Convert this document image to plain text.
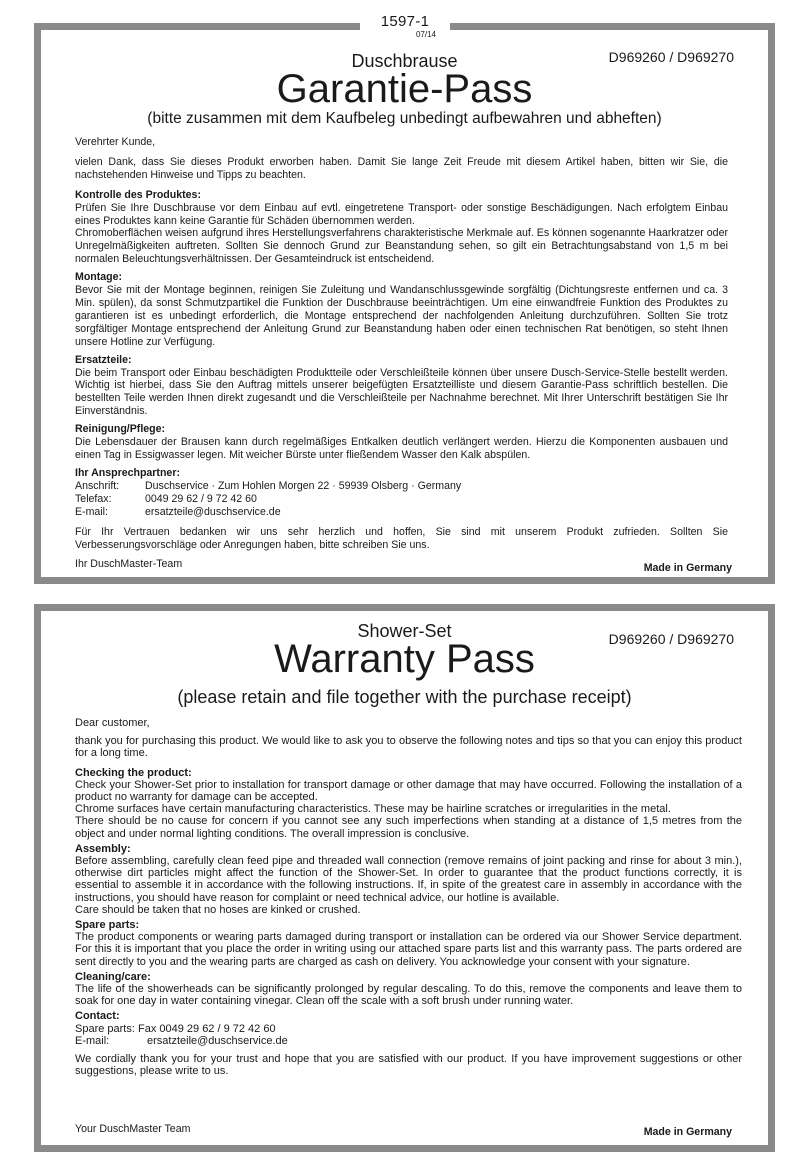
1597-1
07/14
Duschbrause	D969260 / D969270
Garantie-Pass
(bitte zusammen mit dem Kaufbeleg unbedingt aufbewahren und abheften)

Verehrter Kunde,

vielen Dank, dass Sie dieses Produkt erworben haben. Damit Sie lange Zeit Freude mit diesem Artikel haben, bitten wir Sie, die nachstehenden Hinweise und Tipps zu beachten.

Kontrolle des Produktes:
Prüfen Sie Ihre Duschbrause vor dem Einbau auf evtl. eingetretene Transport- oder sonstige Beschädigungen. Nach erfolgtem Einbau eines Produktes kann keine Garantie für Schäden übernommen werden.
Chromoberflächen weisen aufgrund ihres Herstellungsverfahrens charakteristische Merkmale auf. Es können sogenannte Haarkratzer oder Unregelmäßigkeiten auftreten. Sollten Sie dennoch Grund zur Beanstandung sehen, so gilt ein Betrachtungsabstand von 1,5 m bei normalen Beleuchtungsverhältnissen. Der Gesamteindruck ist entscheidend.
Montage:
Bevor Sie mit der Montage beginnen, reinigen Sie Zuleitung und Wandanschlussgewinde sorgfältig (Dichtungsreste entfernen und ca. 3 Min. spülen), da sonst Schmutzpartikel die Funktion der Duschbrause beeinträchtigen. Um eine einwandfreie Funktion des Produktes zu garantieren ist es unbedingt erforderlich, die Montage entsprechend der nachfolgenden Anleitung durchzuführen. Sollten Sie trotz sorgfältiger Montage entsprechend der Anleitung Grund zur Beanstandung haben oder einen technischen Rat benötigen, so steht Ihnen unsere Hotline zur Verfügung.
Ersatzteile:
Die beim Transport oder Einbau beschädigten Produktteile oder Verschleißteile können über unsere Dusch-Service-Stelle bestellt werden. Wichtig ist hierbei, dass Sie den Auftrag mittels unserer beigefügten Ersatzteilliste und diesem Garantie-Pass schriftlich bestellen. Die bestellten Teile werden Ihnen direkt zugesandt und die Verschleißteile per Nachnahme berechnet. Mit Ihrer Unterschrift bestätigen Sie Ihr Einverständnis.
Reinigung/Pflege:
Die Lebensdauer der Brausen kann durch regelmäßiges Entkalken deutlich verlängert werden. Hierzu die Komponenten ausbauen und einen Tag in Essigwasser legen. Mit weicher Bürste unter fließendem Wasser den Kalk abspülen.
Ihr Ansprechpartner:
Anschrift:	Duschservice · Zum Hohlen Morgen 22 · 59939 Olsberg · Germany
Telefax:	0049 29 62 / 9 72 42 60
E-mail:	ersatzteile@duschservice.de

Für Ihr Vertrauen bedanken wir uns sehr herzlich und hoffen, Sie sind mit unserem Produkt zufrieden. Sollten Sie Verbesserungsvorschläge oder Anregungen haben, bitte schreiben Sie uns.

Ihr DuschMaster-Team	Made in Germany
Shower-Set	D969260 / D969270
Warranty Pass
(please retain and file together with the purchase receipt)

Dear customer,

thank you for purchasing this product. We would like to ask you to observe the following notes and tips so that you can enjoy this product for a long time.

Checking the product:
Check your Shower-Set prior to installation for transport damage or other damage that may have occurred. Following the installation of a product no warranty for damage can be accepted.
Chrome surfaces have certain manufacturing characteristics. These may be hairline scratches or irregularities in the metal.
There should be no cause for concern if you cannot see any such imperfections when standing at a distance of 1,5 metres from the object and under normal lighting conditions. The overall impression is conclusive.
Assembly:
Before assembling, carefully clean feed pipe and threaded wall connection (remove remains of joint packing and rinse for about 3 min.), otherwise dirt particles might affect the function of the Shower-Set. In order to guarantee that the product functions correctly, it is essential to assemble it in accordance with the following instructions. If, in spite of the greatest care in assembly in accordance with the instructions, you should have reason for complaint or need technical advice, our hotline is available.
Care should be taken that no hoses are kinked or crushed.
Spare parts:
The product components or wearing parts damaged during transport or installation can be ordered via our Shower Service department. For this it is important that you place the order in writing using our attached spare parts list and this warranty pass. The parts ordered are sent directly to you and the wearing parts are charged as cash on delivery. You acknowledge your consent with your signature.
Cleaning/care:
The life of the showerheads can be significantly prolonged by regular descaling. To do this, remove the components and leave them to soak for one day in water containing vinegar. Clean off the scale with a soft brush under running water.
Contact:
Spare parts: Fax 0049 29 62 / 9 72 42 60
E-mail:	ersatzteile@duschservice.de

We cordially thank you for your trust and hope that you are satisfied with our product. If you have improvement suggestions or other suggestions, please write to us.

Your DuschMaster Team	Made in Germany
